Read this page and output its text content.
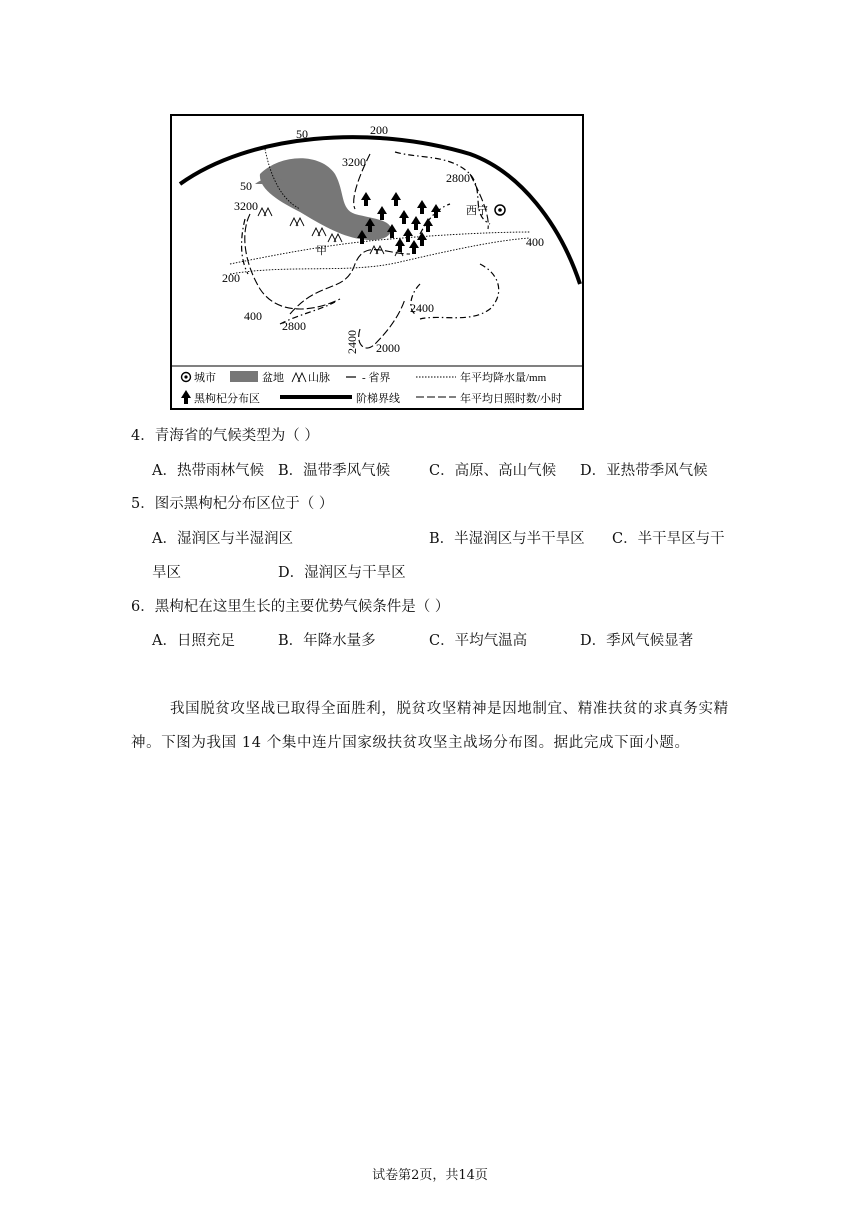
50	200
3200
50
2800
3200
400
200
400
2800
2400
2400 2000
西宁
甲
城市	盆地 山脉	- 省界	年平均降水量/mm
黑枸杞分布区	阶梯界线	年平均日照时数/小时
4．青海省的气候类型为（ ）
A．热带雨林气候 B．温带季风气候	C．高原、高山气候 D．亚热带季风气候
5．图示黑枸杞分布区位于（ ）
A．湿润区与半湿润区	B．半湿润区与半干旱区 C．半干旱区与干
旱区	D．湿润区与干旱区
6．黑枸杞在这里生长的主要优势气候条件是（ ）
A．日照充足	B．年降水量多	C．平均气温高	D．季风气候显著
我国脱贫攻坚战已取得全面胜利，脱贫攻坚精神是因地制宜、精准扶贫的求真务实精
神。下图为我国 14 个集中连片国家级扶贫攻坚主战场分布图。据此完成下面小题。
试卷第2页，共14页
